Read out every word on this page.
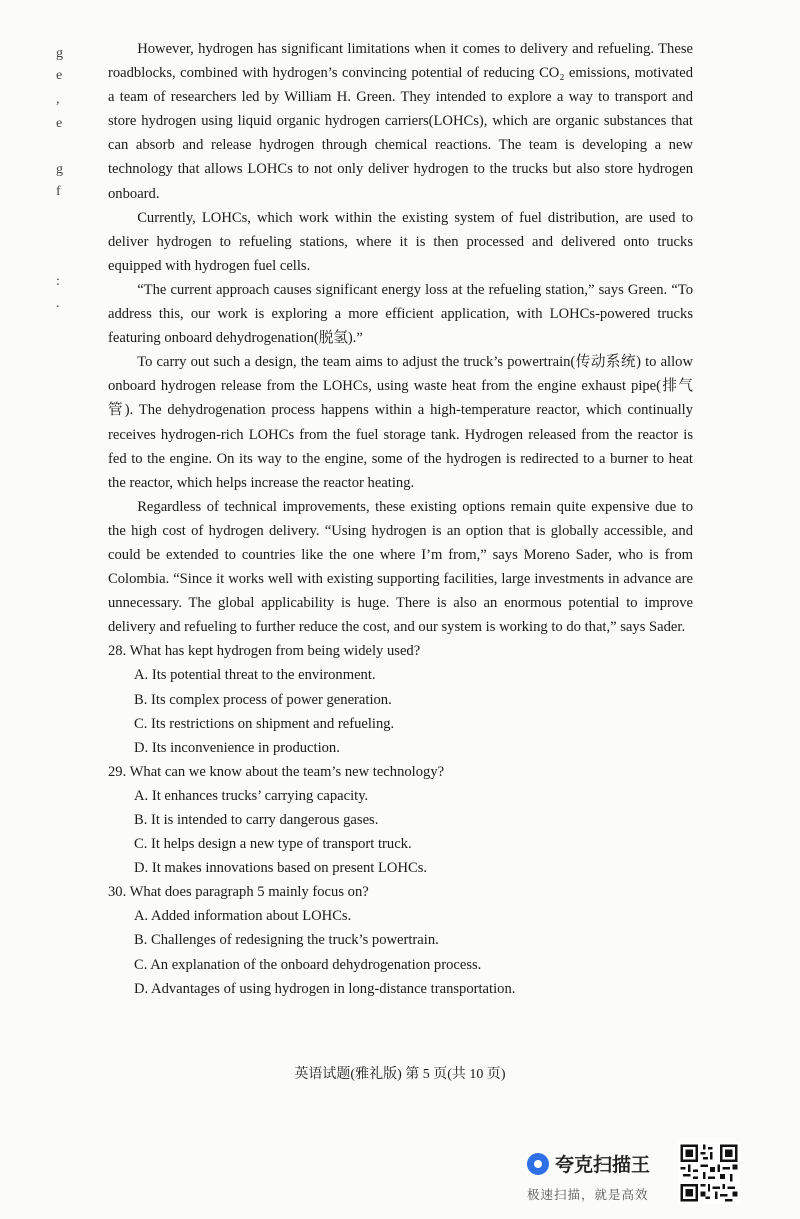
g
e
,
e
g
f
:
.

However, hydrogen has significant limitations when it comes to delivery and refueling. These roadblocks, combined with hydrogen’s convincing potential of reducing CO₂ emissions, motivated a team of researchers led by William H. Green. They intended to explore a way to transport and store hydrogen using liquid organic hydrogen carriers(LOHCs), which are organic substances that can absorb and release hydrogen through chemical reactions. The team is developing a new technology that allows LOHCs to not only deliver hydrogen to the trucks but also store hydrogen onboard.

Currently, LOHCs, which work within the existing system of fuel distribution, are used to deliver hydrogen to refueling stations, where it is then processed and delivered onto trucks equipped with hydrogen fuel cells.

“The current approach causes significant energy loss at the refueling station,” says Green. “To address this, our work is exploring a more efficient application, with LOHCs-powered trucks featuring onboard dehydrogenation(脱氢).”

To carry out such a design, the team aims to adjust the truck’s powertrain(传动系统) to allow onboard hydrogen release from the LOHCs, using waste heat from the engine exhaust pipe(排气管). The dehydrogenation process happens within a high-temperature reactor, which continually receives hydrogen-rich LOHCs from the fuel storage tank. Hydrogen released from the reactor is fed to the engine. On its way to the engine, some of the hydrogen is redirected to a burner to heat the reactor, which helps increase the reactor heating.

Regardless of technical improvements, these existing options remain quite expensive due to the high cost of hydrogen delivery. “Using hydrogen is an option that is globally accessible, and could be extended to countries like the one where I’m from,” says Moreno Sader, who is from Colombia. “Since it works well with existing supporting facilities, large investments in advance are unnecessary. The global applicability is huge. There is also an enormous potential to improve delivery and refueling to further reduce the cost, and our system is working to do that,” says Sader.

28. What has kept hydrogen from being widely used?
A. Its potential threat to the environment.
B. Its complex process of power generation.
C. Its restrictions on shipment and refueling.
D. Its inconvenience in production.
29. What can we know about the team’s new technology?
A. It enhances trucks’ carrying capacity.
B. It is intended to carry dangerous gases.
C. It helps design a new type of transport truck.
D. It makes innovations based on present LOHCs.
30. What does paragraph 5 mainly focus on?
A. Added information about LOHCs.
B. Challenges of redesigning the truck’s powertrain.
C. An explanation of the onboard dehydrogenation process.
D. Advantages of using hydrogen in long-distance transportation.
英语试题(雅礼版) 第 5 页(共 10 页)
夸克扫描王
极速扫描，就是高效
